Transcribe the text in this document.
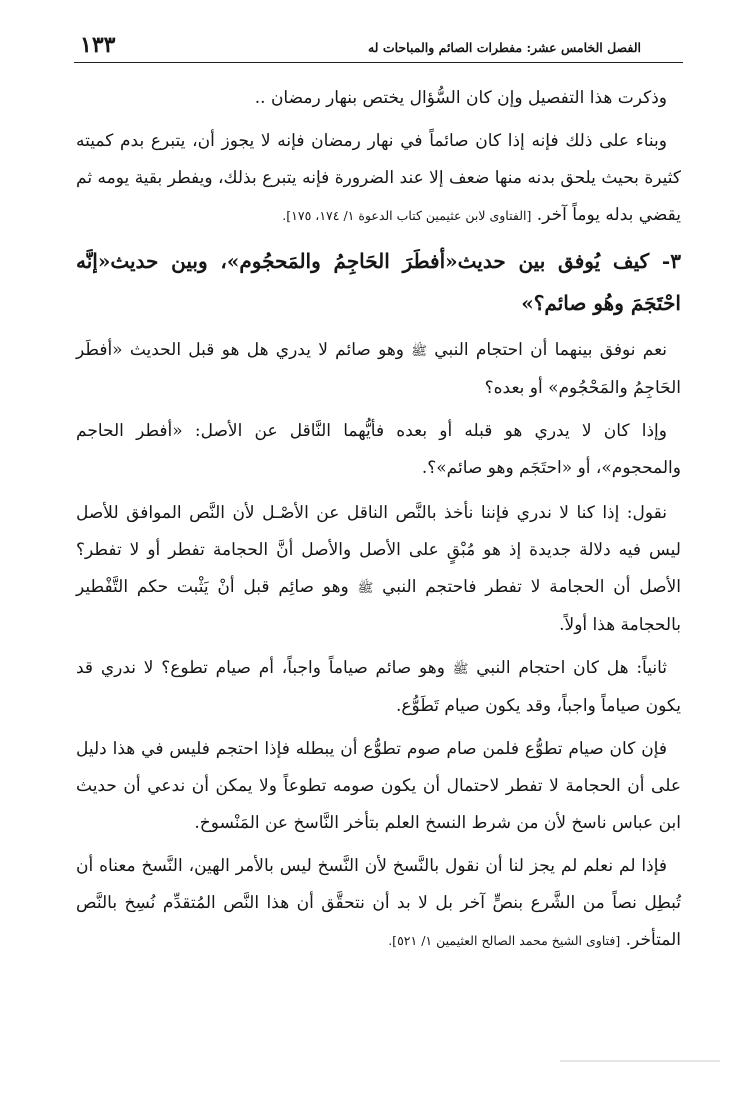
١٣٣	الفصل الخامس عشر: مفطرات الصائم والمباحات له

وذكرت هذا التفصيل وإن كان السُّؤال يختص بنهار رمضان ..

وبناء على ذلك فإنه إذا كان صائماً في نهار رمضان فإنه لا يجوز أن، يتبرع بدم كميته كثيرة بحيث يلحق بدنه منها ضعف إلا عند الضرورة فإنه يتبرع بذلك، ويفطر بقية يومه ثم يقضي بدله يوماً آخر. [الفتاوى لابن عثيمين كتاب الدعوة ١/ ١٧٤، ١٧٥].

٣- كيف يُوفق بين حديث«أفطَرَ الحَاجِمُ والمَحجُوم»، وبين حديث«إنَّه احْتَجَمَ وهُو صائم؟»

نعم نوفق بينهما أن احتجام النبي ﷺ وهو صائم لا يدري هل هو قبل الحديث «أفطَر الحَاجِمُ والمَحْجُوم» أو بعده؟

وإذا كان لا يدري هو قبله أو بعده فأيُّهما النَّاقل عن الأصل: «أفطر الحاجم والمحجوم»، أو «احتَجَم وهو صائم»؟.

نقول: إذا كنا لا ندري فإننا نأخذ بالنَّص الناقل عن الأصْـل لأن النَّص الموافق للأصل ليس فيه دلالة جديدة إذ هو مُبْقٍ على الأصل والأصل أنَّ الحجامة تفطر أو لا تفطر؟ الأصل أن الحجامة لا تفطر فاحتجم النبي ﷺ وهو صائِم قبل أنْ يَثْبت حكم التَّفْطير بالحجامة هذا أولاً.

ثانياً: هل كان احتجام النبي ﷺ وهو صائم صياماً واجباً، أم صيام تطوع؟ لا ندري قد يكون صياماً واجباً، وقد يكون صيام تَطَوُّع.

فإن كان صيام تطوُّع فلمن صام صوم تطوُّع أن يبطله فإذا احتجم فليس في هذا دليل على أن الحجامة لا تفطر لاحتمال أن يكون صومه تطوعاً ولا يمكن أن ندعي أن حديث ابن عباس ناسخ لأن من شرط النسخ العلم بتأخر النَّاسخ عن المَنْسوخ.

فإذا لم نعلم لم يجز لنا أن نقول بالنَّسخ لأن النَّسخ ليس بالأمر الهين، النَّسخ معناه أن تُبطِل نصاً من الشَّرع بنصٍّ آخر بل لا بد أن نتحقَّق أن هذا النَّص المُتقدِّم نُسِخ بالنَّص المتأخر. [فتاوى الشيخ محمد الصالح العثيمين ١/ ٥٢١].
